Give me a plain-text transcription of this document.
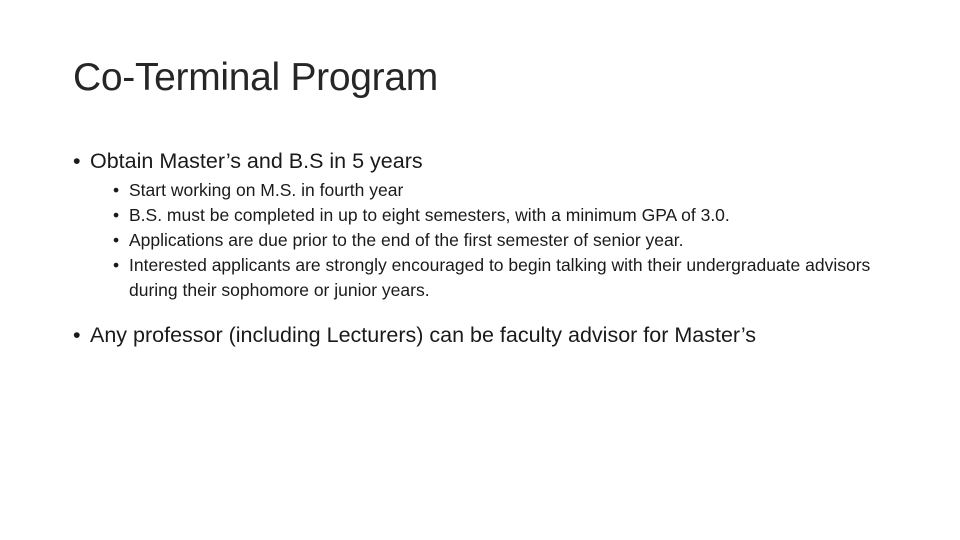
Co-Terminal Program
• Obtain Master’s and B.S in 5 years
• Start working on M.S. in fourth year
• B.S. must be completed in up to eight semesters, with a minimum GPA of 3.0.
• Applications are due prior to the end of the first semester of senior year.
• Interested applicants are strongly encouraged to begin talking with their undergraduate advisors during their sophomore or junior years.
• Any professor (including Lecturers) can be faculty advisor for Master’s
